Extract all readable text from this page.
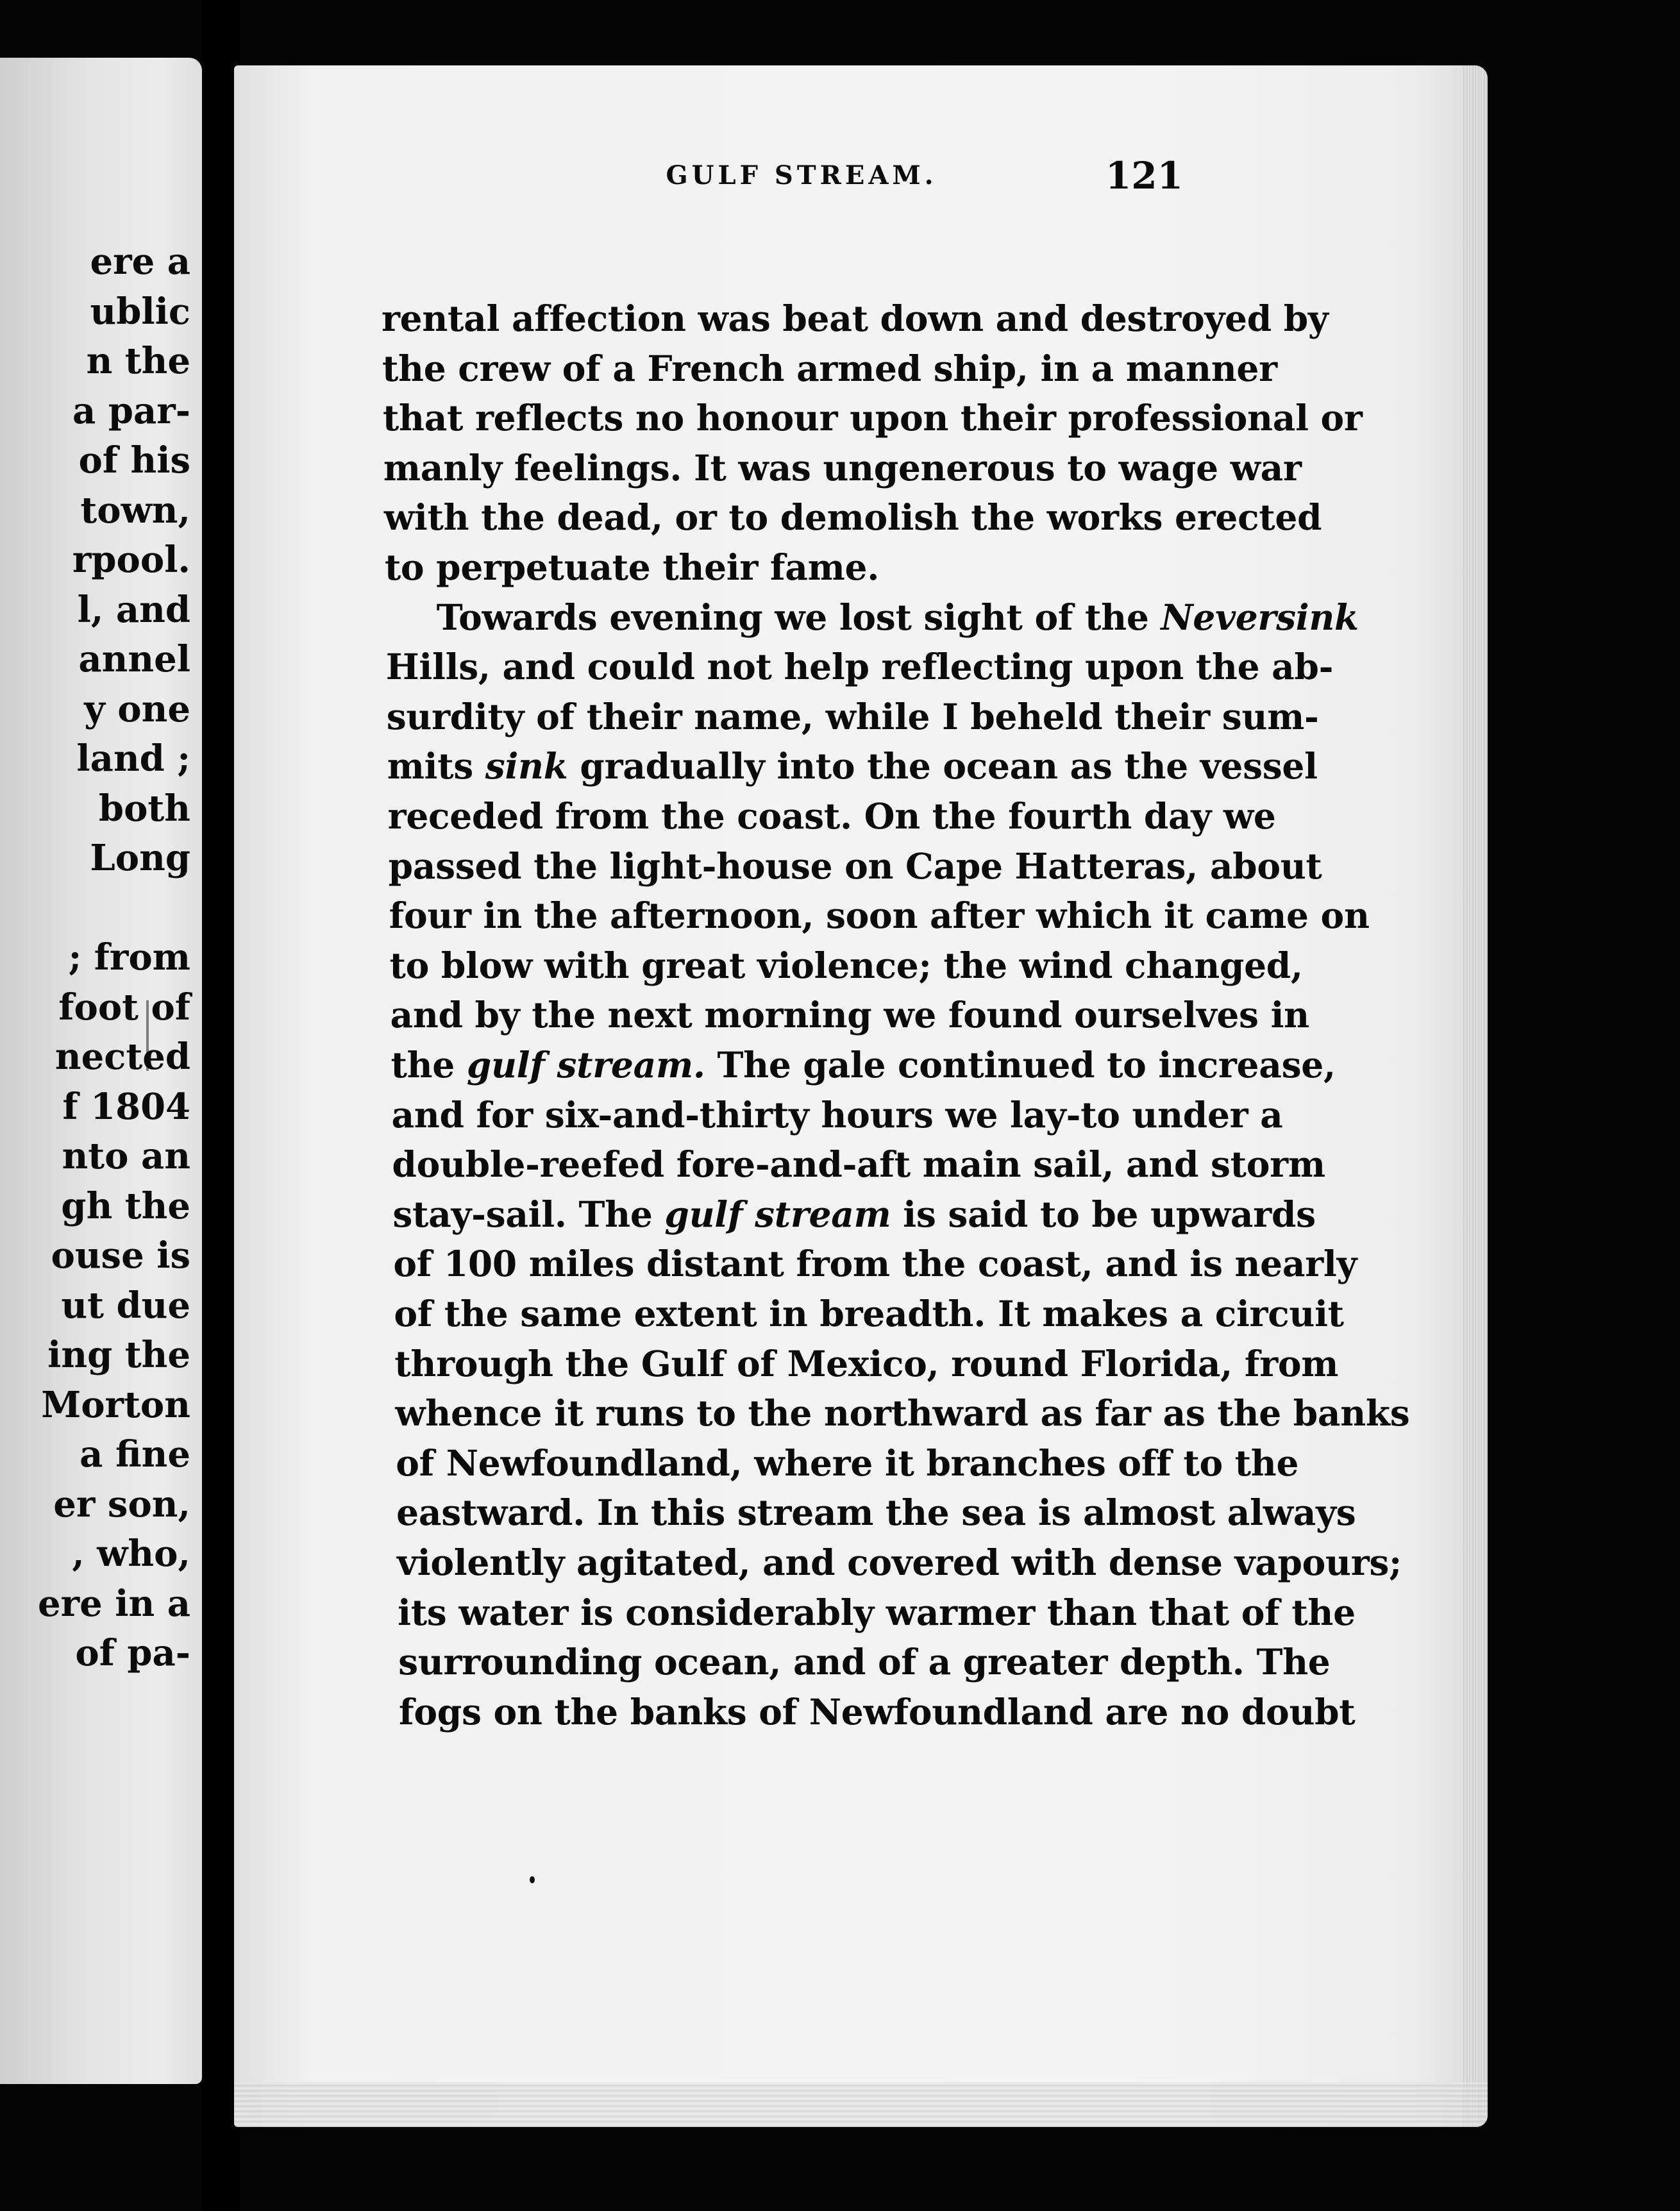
ere a
ublic
n the
a par-
of his
town,
rpool.
l, and
annel
y one
land ;
both
Long
; from
foot of
nected
f 1804
nto an
gh the
ouse is
ut due
ing the
Morton
a fine
er son,
, who,
ere in a
of pa-
GULF STREAM.	121
rental affection was beat down and destroyed by
the crew of a French armed ship, in a manner
that reflects no honour upon their professional or
manly feelings. It was ungenerous to wage war
with the dead, or to demolish the works erected
to perpetuate their fame.
Towards evening we lost sight of the Neversink
Hills, and could not help reflecting upon the ab-
surdity of their name, while I beheld their sum-
mits sink gradually into the ocean as the vessel
receded from the coast. On the fourth day we
passed the light-house on Cape Hatteras, about
four in the afternoon, soon after which it came on
to blow with great violence; the wind changed,
and by the next morning we found ourselves in
the gulf stream. The gale continued to increase,
and for six-and-thirty hours we lay-to under a
double-reefed fore-and-aft main sail, and storm
stay-sail. The gulf stream is said to be upwards
of 100 miles distant from the coast, and is nearly
of the same extent in breadth. It makes a circuit
through the Gulf of Mexico, round Florida, from
whence it runs to the northward as far as the banks
of Newfoundland, where it branches off to the
eastward. In this stream the sea is almost always
violently agitated, and covered with dense vapours;
its water is considerably warmer than that of the
surrounding ocean, and of a greater depth. The
fogs on the banks of Newfoundland are no doubt
